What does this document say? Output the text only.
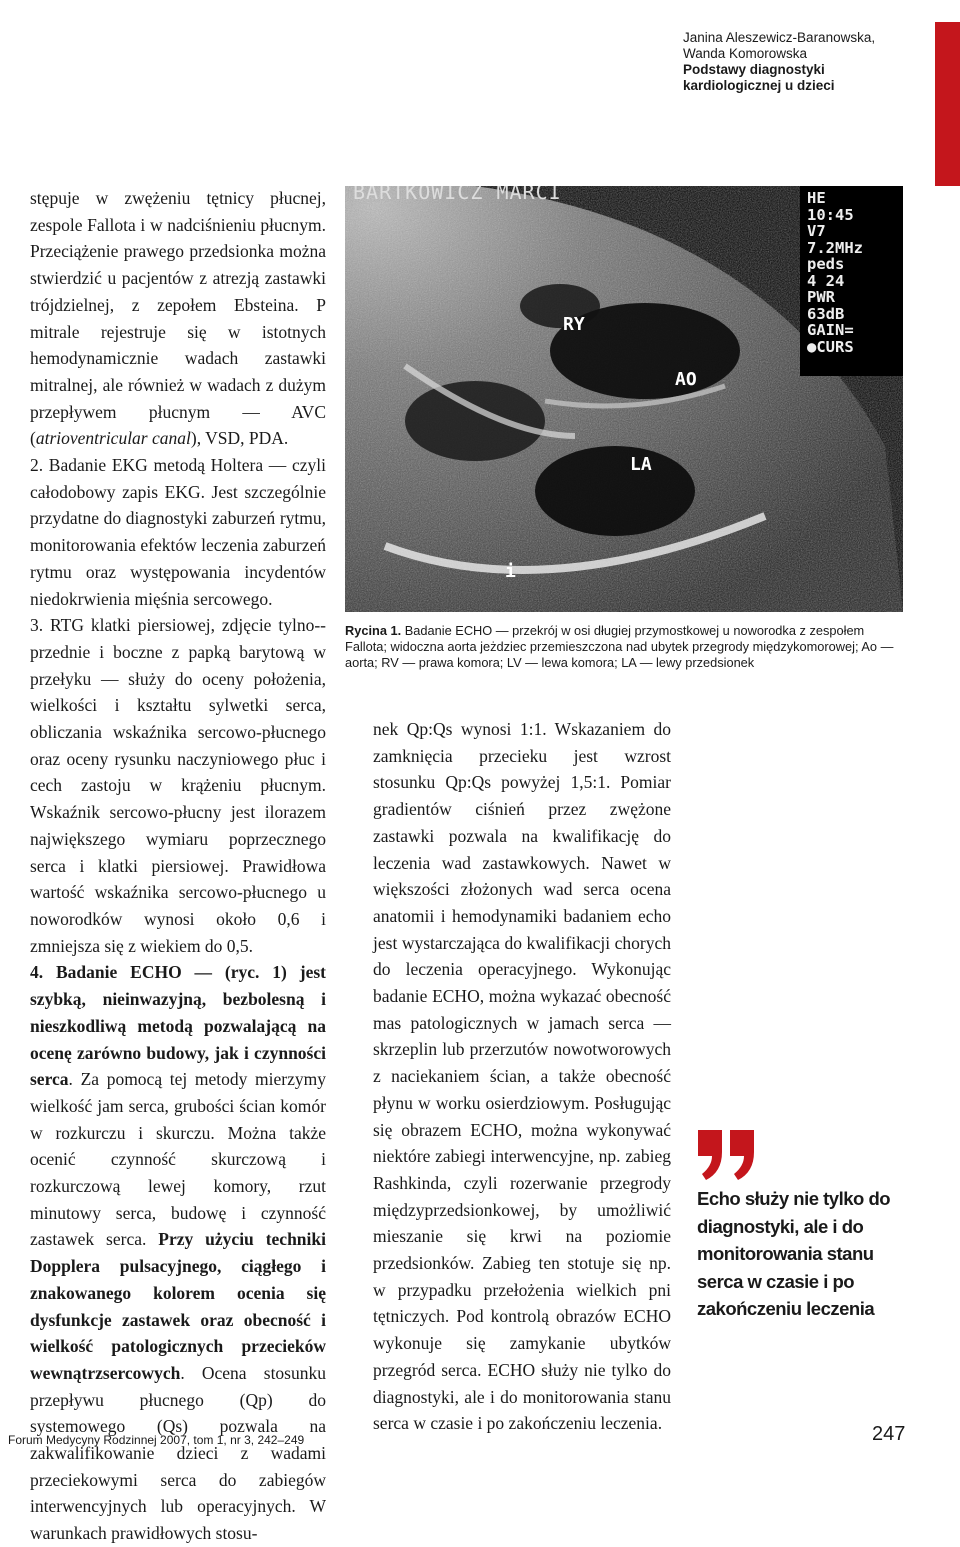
Janina Aleszewicz-Baranowska,
Wanda Komorowska
Podstawy diagnostyki
kardiologicznej u dzieci

stępuje w zwężeniu tętnicy płucnej, zespole Fallota i w nadciśnieniu płucnym. Przeciążenie prawego przedsionka można stwierdzić u pacjentów z atrezją zastawki trójdzielnej, z zepołem Ebsteina. P mitrale rejestruje się w istotnych hemodynamicznie wadach zastawki mitralnej, ale również w wadach z dużym przepływem płucnym — AVC (atrioventricular canal), VSD, PDA.

2. Badanie EKG metodą Holtera — czyli całodobowy zapis EKG. Jest szczególnie przydatne do diagnostyki zaburzeń rytmu, monitorowania efektów leczenia zaburzeń rytmu oraz występowania incydentów niedokrwienia mięśnia sercowego.

3. RTG klatki piersiowej, zdjęcie tylno--przednie i boczne z papką barytową w przełyku — służy do oceny położenia, wielkości i kształtu sylwetki serca, obliczania wskaźnika sercowo-płucnego oraz oceny rysunku naczyniowego płuc i cech zastoju w krążeniu płucnym. Wskaźnik sercowo-płucny jest ilorazem największego wymiaru poprzecznego serca i klatki piersiowej. Prawidłowa wartość wskaźnika sercowo-płucnego u noworodków wynosi około 0,6 i zmniejsza się z wiekiem do 0,5.

4. Badanie ECHO — (ryc. 1) jest szybką, nieinwazyjną, bezbolesną i nieszkodliwą metodą pozwalającą na ocenę zarówno budowy, jak i czynności serca. Za pomocą tej metody mierzymy wielkość jam serca, grubości ścian komór w rozkurczu i skurczu. Można także ocenić czynność skurczową i rozkurczową lewej komory, rzut minutowy serca, budowę i czynność zastawek serca. Przy użyciu techniki Dopplera pulsacyjnego, ciągłego i znakowanego kolorem ocenia się dysfunkcje zastawek oraz obecność i wielkość patologicznych przecieków wewnątrzsercowych. Ocena stosunku przepływu płucnego (Qp) do systemowego (Qs) pozwala na zakwalifikowanie dzieci z wadami przeciekowymi serca do zabiegów interwencyjnych lub operacyjnych. W warunkach prawidłowych stosu-

BARTKOWICZ MARCI	HE
10:45
V7
7.2MHz
peds
4 24
PWR
63dB
GAIN=
●CURS
RY
AO
LA
i
Rycina 1. Badanie ECHO — przekrój w osi długiej przymostkowej u noworodka z zespołem Fallota; widoczna aorta jeżdziec przemieszczona nad ubytek przegrody międzykomorowej; Ao — aorta; RV — prawa komora; LV — lewa komora; LA — lewy przedsionek

nek Qp:Qs wynosi 1:1. Wskazaniem do zamknięcia przecieku jest wzrost stosunku Qp:Qs powyżej 1,5:1. Pomiar gradientów ciśnień przez zwężone zastawki pozwala na kwalifikację do leczenia wad zastawkowych. Nawet w większości złożonych wad serca ocena anatomii i hemodynamiki badaniem echo jest wystarczająca do kwalifikacji chorych do leczenia operacyjnego. Wykonując badanie ECHO, można wykazać obecność mas patologicznych w jamach serca — skrzeplin lub przerzutów nowotworowych z naciekaniem ścian, a także obecność płynu w worku osierdziowym. Posługując się obrazem ECHO, można wykonywać niektóre zabiegi interwencyjne, np. zabieg Rashkinda, czyli rozerwanie przegrody międzyprzedsionkowej, by umożliwić mieszanie się krwi na poziomie przedsionków. Zabieg ten stotuje się np. w przypadku przełożenia wielkich pni tętniczych. Pod kontrolą obrazów ECHO wykonuje się zamykanie ubytków przegród serca. ECHO służy nie tylko do diagnostyki, ale i do monitorowania stanu serca w czasie i po zakończeniu leczenia.

Echo służy nie tylko do diagnostyki, ale i do monitorowania stanu serca w czasie i po zakończeniu leczenia
Forum Medycyny Rodzinnej 2007, tom 1, nr 3, 242–249	247
